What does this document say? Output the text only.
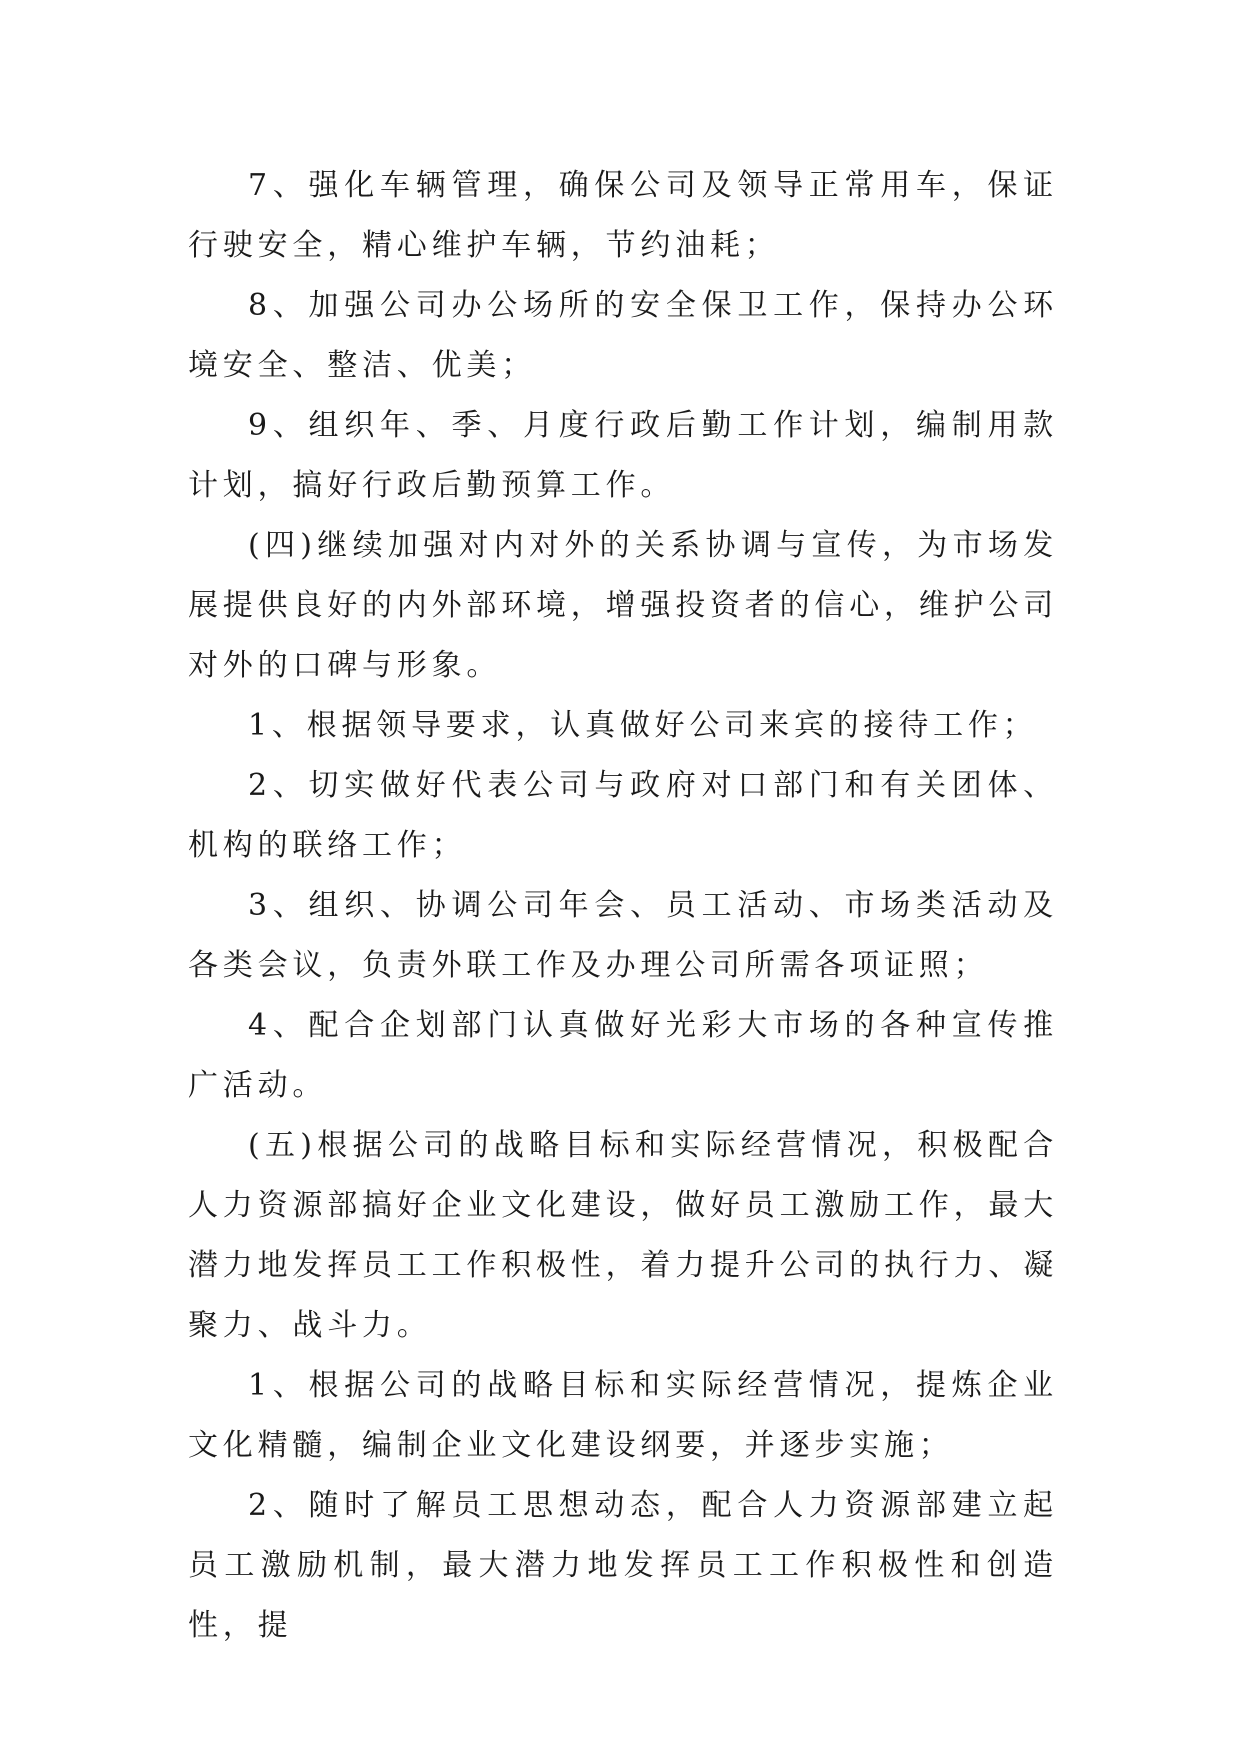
7、强化车辆管理，确保公司及领导正常用车，保证行驶安全，精心维护车辆，节约油耗；

8、加强公司办公场所的安全保卫工作，保持办公环境安全、整洁、优美；

9、组织年、季、月度行政后勤工作计划，编制用款计划，搞好行政后勤预算工作。

(四)继续加强对内对外的关系协调与宣传，为市场发展提供良好的内外部环境，增强投资者的信心，维护公司对外的口碑与形象。

1、根据领导要求，认真做好公司来宾的接待工作；

2、切实做好代表公司与政府对口部门和有关团体、机构的联络工作；

3、组织、协调公司年会、员工活动、市场类活动及各类会议，负责外联工作及办理公司所需各项证照；

4、配合企划部门认真做好光彩大市场的各种宣传推广活动。

(五)根据公司的战略目标和实际经营情况，积极配合人力资源部搞好企业文化建设，做好员工激励工作，最大潜力地发挥员工工作积极性，着力提升公司的执行力、凝聚力、战斗力。

1、根据公司的战略目标和实际经营情况，提炼企业文化精髓，编制企业文化建设纲要，并逐步实施；

2、随时了解员工思想动态，配合人力资源部建立起员工激励机制，最大潜力地发挥员工工作积极性和创造性，提
